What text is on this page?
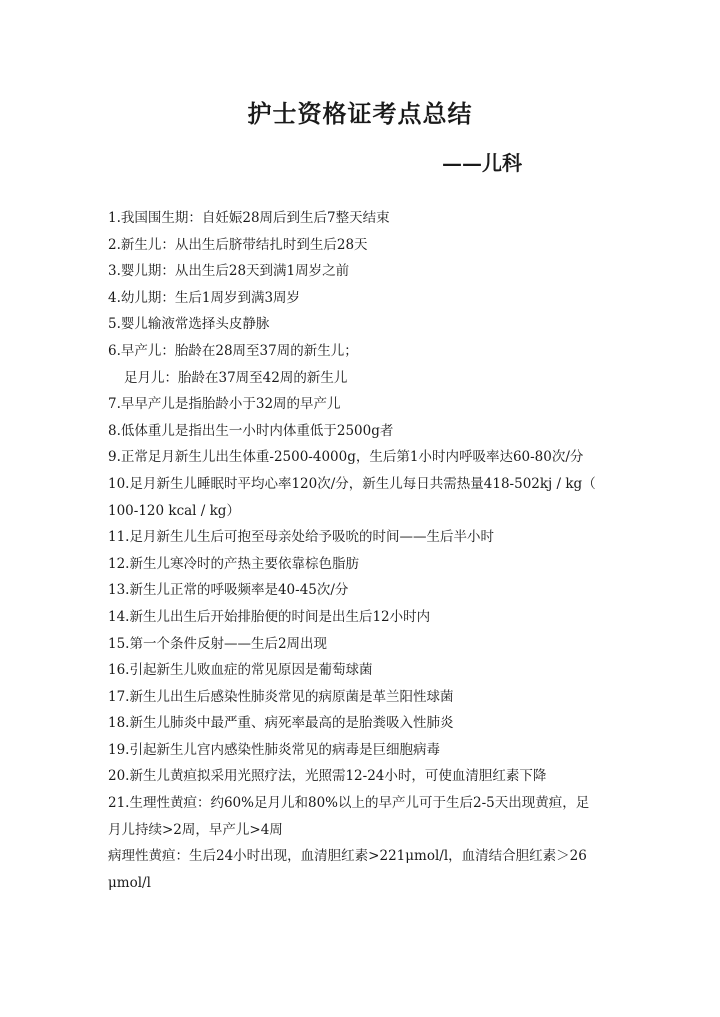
护士资格证考点总结
——儿科
1.我国围生期：自妊娠28周后到生后7整天结束
2.新生儿：从出生后脐带结扎时到生后28天
3.婴儿期：从出生后28天到满1周岁之前
4.幼儿期：生后1周岁到满3周岁
5.婴儿输液常选择头皮静脉
6.早产儿：胎龄在28周至37周的新生儿；
足月儿：胎龄在37周至42周的新生儿
7.早早产儿是指胎龄小于32周的早产儿
8.低体重儿是指出生一小时内体重低于2500g者
9.正常足月新生儿出生体重-2500-4000g，生后第1小时内呼吸率达60-80次/分
10.足月新生儿睡眠时平均心率120次/分，新生儿每日共需热量418-502kj / kg（
100-120 kcal / kg）
11.足月新生儿生后可抱至母亲处给予吸吮的时间——生后半小时
12.新生儿寒冷时的产热主要依靠棕色脂肪
13.新生儿正常的呼吸频率是40-45次/分
14.新生儿出生后开始排胎便的时间是出生后12小时内
15.第一个条件反射——生后2周出现
16.引起新生儿败血症的常见原因是葡萄球菌
17.新生儿出生后感染性肺炎常见的病原菌是革兰阳性球菌
18.新生儿肺炎中最严重、病死率最高的是胎粪吸入性肺炎
19.引起新生儿宫内感染性肺炎常见的病毒是巨细胞病毒
20.新生儿黄疸拟采用光照疗法，光照需12-24小时，可使血清胆红素下降
21.生理性黄疸：约60%足月儿和80%以上的早产儿可于生后2-5天出现黄疸，足
月儿持续>2周，早产儿>4周
病理性黄疸：生后24小时出现，血清胆红素>221μmol/l，血清结合胆红素＞26
μmol/l
